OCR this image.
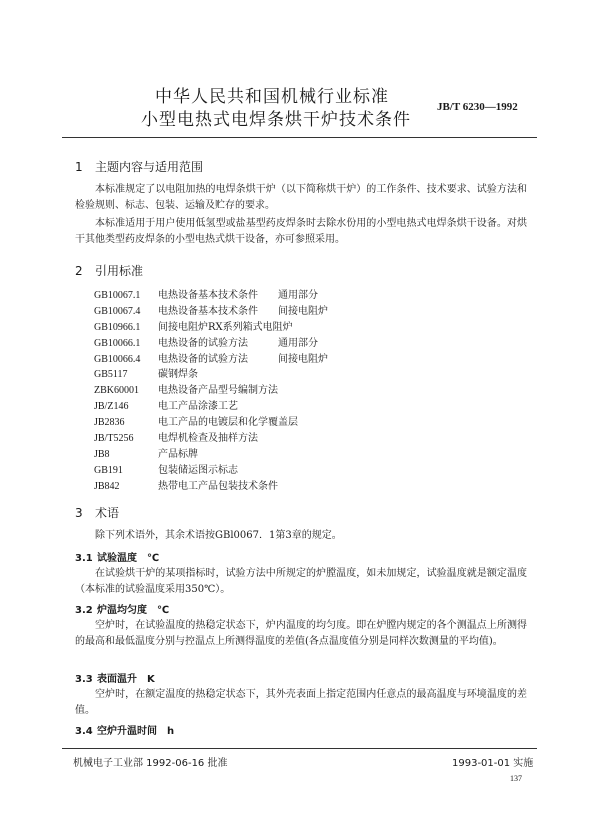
中华人民共和国机械行业标准
小型电热式电焊条烘干炉技术条件
JB/T 6230—1992
1 主题内容与适用范围
本标准规定了以电阻加热的电焊条烘干炉（以下简称烘干炉）的工作条件、技术要求、试验方法和检验规则、标志、包装、运输及贮存的要求。
本标准适用于用户使用低氢型或盐基型药皮焊条时去除水份用的小型电热式电焊条烘干设备。对烘干其他类型药皮焊条的小型电热式烘干设备，亦可参照采用。
2 引用标准
GB10067.1 电热设备基本技术条件　　通用部分
GB10067.4 电热设备基本技术条件　　间接电阻炉
GB10966.1 间接电阻炉RX系列箱式电阻炉
GB10066.1 电热设备的试验方法　　　通用部分
GB10066.4 电热设备的试验方法　　　间接电阻炉
GB5117	碳钢焊条
ZBK60001 电热设备产品型号编制方法
JB/Z146	电工产品涂漆工艺
JB2836	电工产品的电镀层和化学覆盖层
JB/T5256 电焊机检查及抽样方法
JB8	产品标牌
GB191	包装储运图示标志
JB842	热带电工产品包装技术条件
3 术语
除下列术语外，其余术语按GBl0067．1第3章的规定。
3.1 试验温度　℃
在试验烘干炉的某项指标时，试验方法中所规定的炉膛温度，如未加规定，试验温度就是额定温度（本标准的试验温度采用350℃）。
3.2 炉温均匀度　℃
空炉时，在试验温度的热稳定状态下，炉内温度的均匀度。即在炉膛内规定的各个测温点上所测得的最高和最低温度分别与控温点上所测得温度的差值(各点温度值分别是同样次数测量的平均值)。
3.3 表面温升　K
空炉时，在额定温度的热稳定状态下，其外壳表面上指定范围内任意点的最高温度与环境温度的差值。
3.4 空炉升温时间　h
机械电子工业部 1992-06-16 批准	1993-01-01 实施
137
